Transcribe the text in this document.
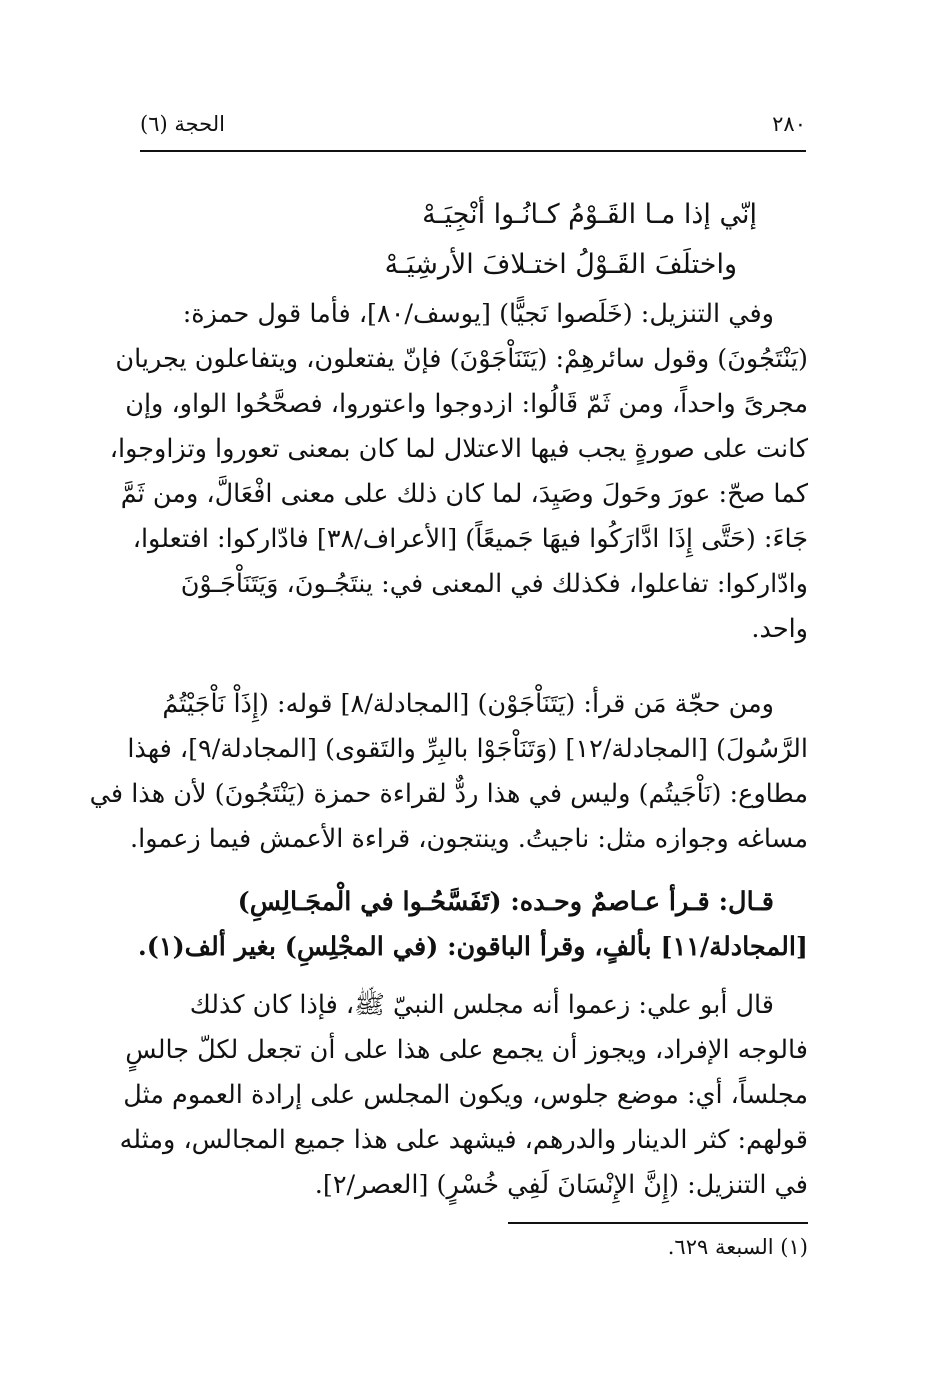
٢٨٠
الحجة (٦)
إنّي إذا مـا القَـوْمُ كـانُـوا أنْجِيَـهْ
واختلَفَ القَـوْلُ اختـلافَ الأرشِيَـهْ
وفي التنزيل: (خَلَصوا نَجيًّا) [يوسف/٨٠]، فأما قول حمزة:
(يَنْتَجُونَ) وقول سائرهِمْ: (يَتَنَاْجَوْنَ) فإنّ يفتعلون، ويتفاعلون يجريان
مجرىً واحداً، ومن ثَمّ قَالُوا: ازدوجوا واعتوروا، فصحَّحُوا الواو، وإن
كانت على صورةٍ يجب فيها الاعتلال لما كان بمعنى تعوروا وتزاوجوا،
كما صحّ: عورَ وحَولَ وصَيِدَ، لما كان ذلك على معنى افْعَالَّ، ومن ثَمَّ
جَاءَ: (حَتَّى إِذَا ادَّارَكُوا فيهَا جَميعًاً) [الأعراف/٣٨] فادّاركوا: افتعلوا،
وادّاركوا: تفاعلوا، فكذلك في المعنى في: ينتَجُـونَ، وَيَتَنَاْجَـوْنَ
واحد.
ومن حجّة مَن قرأ: (يَتَنَاْجَوْن) [المجادلة/٨] قوله: (إِذَاْ نَاْجَيْتُمُ
الرَّسُولَ) [المجادلة/١٢] (وَتَنَاْجَوْا بالبِرِّ والتَقوى) [المجادلة/٩]، فهذا
مطاوع: (نَاْجَيتُم) وليس في هذا ردٌّ لقراءة حمزة (يَنْتَجُونَ) لأن هذا في
مساغه وجوازه مثل: ناجيتُ. وينتجون، قراءة الأعمش فيما زعموا.
قـال: قـرأ عـاصمٌ وحـده: (تَفَسَّحُـوا في الْمجَـالِسِ)
[المجادلة/١١] بألفٍ، وقرأ الباقون: (في المجْلِسِ) بغير ألف(١).
قال أبو علي: زعموا أنه مجلس النبيّ ﷺ، فإذا كان كذلك
فالوجه الإفراد، ويجوز أن يجمع على هذا على أن تجعل لكلّ جالسٍ
مجلساً، أي: موضع جلوس، ويكون المجلس على إرادة العموم مثل
قولهم: كثر الدينار والدرهم، فيشهد على هذا جميع المجالس، ومثله
في التنزيل: (إِنَّ الإِنْسَانَ لَفِي خُسْرٍ) [العصر/٢].
(١) السبعة ٦٢٩.
